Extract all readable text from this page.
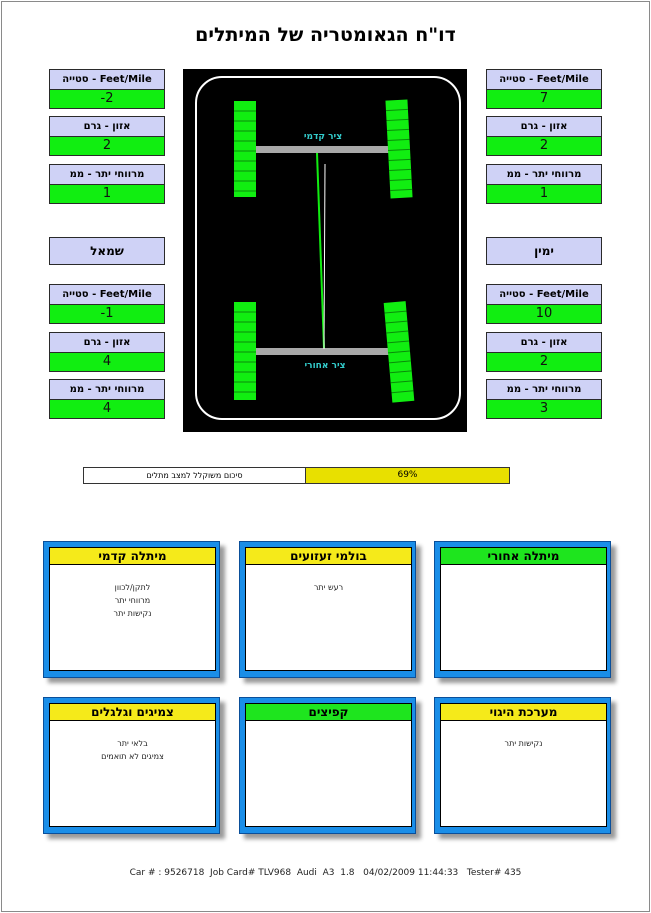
דו"ח הגאומטריה של המיתלים
Feet/Mile - סטייה
-2
אזון - גרם
2
מרווחי יתר - ממ
1
שמאל
Feet/Mile - סטייה
-1
אזון - גרם
4
מרווחי יתר - ממ
4
Feet/Mile - סטייה
7
אזון - גרם
2
מרווחי יתר - ממ
1
ימין
Feet/Mile - סטייה
10
אזון - גרם
2
מרווחי יתר - ממ
3
ציר קדמי
ציר אחורי
סיכום משוקלל למצב מתלים	69%
מיתלה קדמי
לתקן/לכוון
מרווחי יתר
נקישות יתר
בולמי זעזועים
רעש יתר
מיתלה אחורי
צמיגים וגלגלים
בלאי יתר
צמיגים לא תואמים
קפיצים	מערכת היגוי
נקישות יתר
Car # : 9526718  Job Card# TLV968  Audi  A3  1.8   04/02/2009 11:44:33   Tester# 435
